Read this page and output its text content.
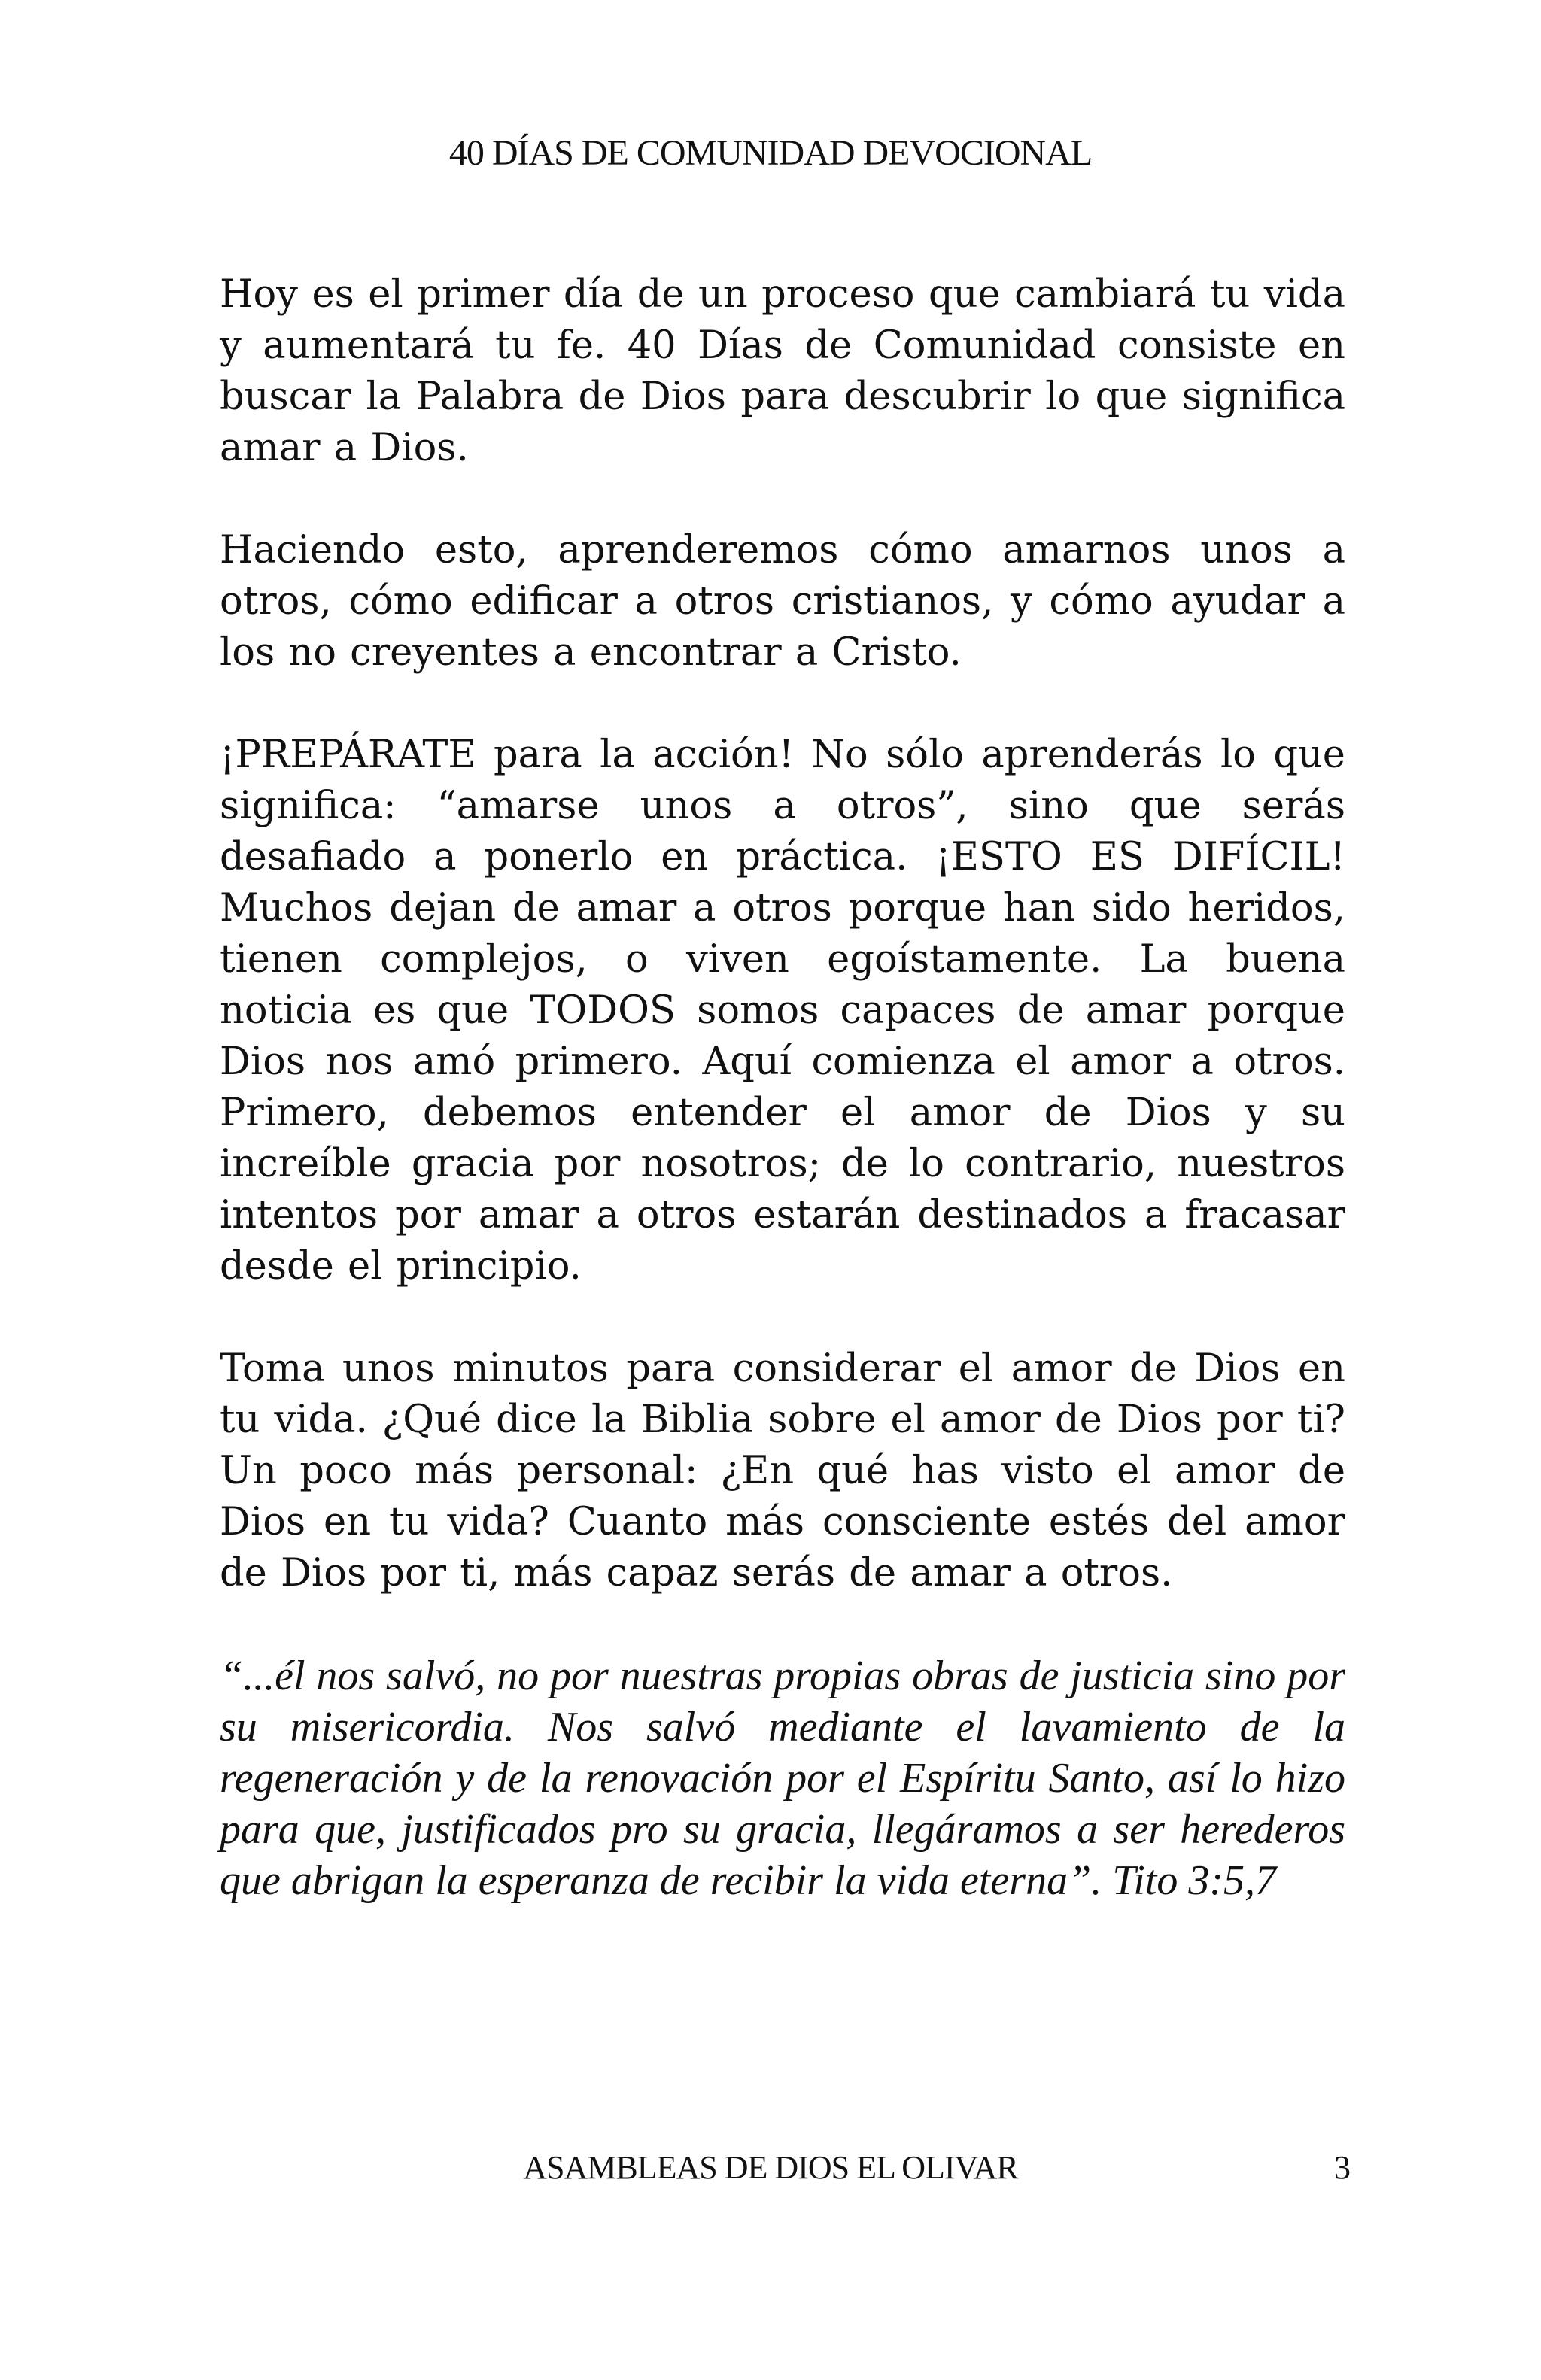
40 DÍAS DE COMUNIDAD DEVOCIONAL

Hoy es el primer día de un proceso que cambiará tu vida y aumentará tu fe. 40 Días de Comunidad consiste en buscar la Palabra de Dios para descubrir lo que significa amar a Dios.

Haciendo esto, aprenderemos cómo amarnos unos a otros, cómo edificar a otros cristianos, y cómo ayudar a los no creyentes a encontrar a Cristo.

¡PREPÁRATE para la acción! No sólo aprenderás lo que significa: “amarse unos a otros”, sino que serás desafiado a ponerlo en práctica. ¡ESTO ES DIFÍCIL! Muchos dejan de amar a otros porque han sido heridos, tienen complejos, o viven egoístamente. La buena noticia es que TODOS somos capaces de amar porque Dios nos amó primero. Aquí comienza el amor a otros. Primero, debemos entender el amor de Dios y su increíble gracia por nosotros; de lo contrario, nuestros intentos por amar a otros estarán destinados a fracasar desde el principio.

Toma unos minutos para considerar el amor de Dios en tu vida. ¿Qué dice la Biblia sobre el amor de Dios por ti? Un poco más personal: ¿En qué has visto el amor de Dios en tu vida? Cuanto más consciente estés del amor de Dios por ti, más capaz serás de amar a otros.

“...él nos salvó, no por nuestras propias obras de justicia sino por su misericordia. Nos salvó mediante el lavamiento de la regeneración y de la renovación por el Espíritu Santo, así lo hizo para que, justificados pro su gracia, llegáramos a ser herederos que abrigan la esperanza de recibir la vida eterna”. Tito 3:5,7

ASAMBLEAS DE DIOS EL OLIVAR	3
